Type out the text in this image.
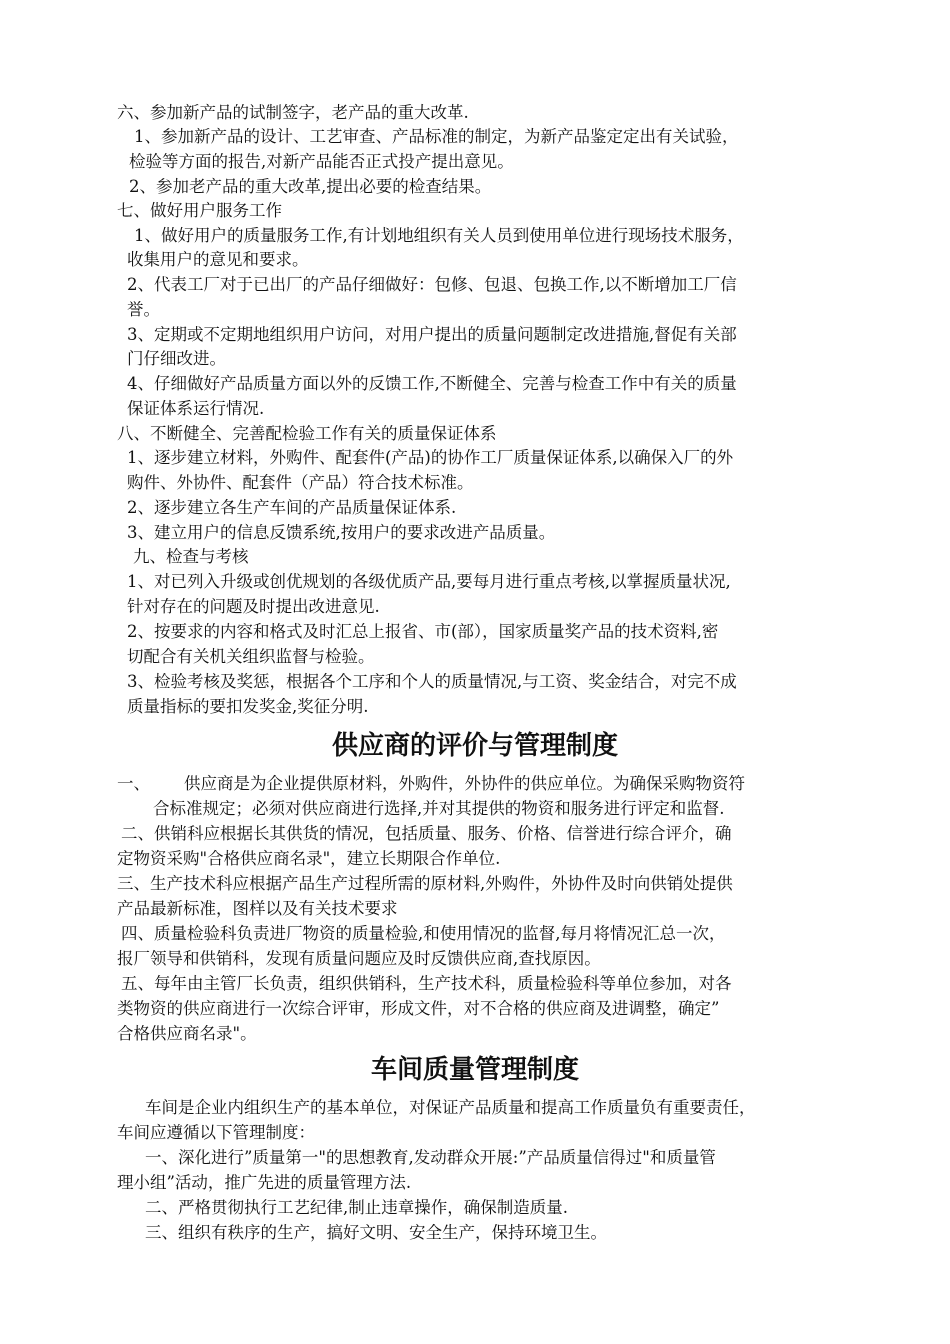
六、参加新产品的试制签字，老产品的重大改革.
1、参加新产品的设计、工艺审查、产品标准的制定，为新产品鉴定定出有关试验，
检验等方面的报告,对新产品能否正式投产提出意见。
2、参加老产品的重大改革,提出必要的检查结果。
七、做好用户服务工作
1、做好用户的质量服务工作,有计划地组织有关人员到使用单位进行现场技术服务，
收集用户的意见和要求。
2、代表工厂对于已出厂的产品仔细做好：包修、包退、包换工作,以不断增加工厂信
誉。
3、定期或不定期地组织用户访问，对用户提出的质量问题制定改进措施,督促有关部
门仔细改进。
4、仔细做好产品质量方面以外的反馈工作,不断健全、完善与检查工作中有关的质量
保证体系运行情况.
八、不断健全、完善配检验工作有关的质量保证体系
1、逐步建立材料，外购件、配套件(产品)的协作工厂质量保证体系,以确保入厂的外
购件、外协件、配套件（产品）符合技术标准。
2、逐步建立各生产车间的产品质量保证体系.
3、建立用户的信息反馈系统,按用户的要求改进产品质量。
九、检查与考核
1、对已列入升级或创优规划的各级优质产品,要每月进行重点考核,以掌握质量状况,
针对存在的问题及时提出改进意见.
2、按要求的内容和格式及时汇总上报省、市(部），国家质量奖产品的技术资料,密
切配合有关机关组织监督与检验。
3、检验考核及奖惩，根据各个工序和个人的质量情况,与工资、奖金结合，对完不成
质量指标的要扣发奖金,奖征分明.
供应商的评价与管理制度
一、 供应商是为企业提供原材料，外购件，外协件的供应单位。为确保采购物资符
合标准规定；必须对供应商进行选择,并对其提供的物资和服务进行评定和监督.
二、供销科应根据长其供货的情况，包括质量、服务、价格、信誉进行综合评介，确
定物资采购"合格供应商名录"，建立长期限合作单位.
三、生产技术科应根据产品生产过程所需的原材料,外购件，外协件及时向供销处提供
产品最新标准，图样以及有关技术要求
四、质量检验科负责进厂物资的质量检验,和使用情况的监督,每月将情况汇总一次，
报厂领导和供销科，发现有质量问题应及时反馈供应商,查找原因。
五、每年由主管厂长负责，组织供销科，生产技术科，质量检验科等单位参加，对各
类物资的供应商进行一次综合评审，形成文件，对不合格的供应商及进调整，确定”
合格供应商名录"。
车间质量管理制度
车间是企业内组织生产的基本单位，对保证产品质量和提高工作质量负有重要责任，
车间应遵循以下管理制度：
一、深化进行”质量第一"的思想教育,发动群众开展:”产品质量信得过"和质量管
理小组”活动，推广先进的质量管理方法.
二、严格贯彻执行工艺纪律,制止违章操作，确保制造质量.
三、组织有秩序的生产，搞好文明、安全生产，保持环境卫生。
